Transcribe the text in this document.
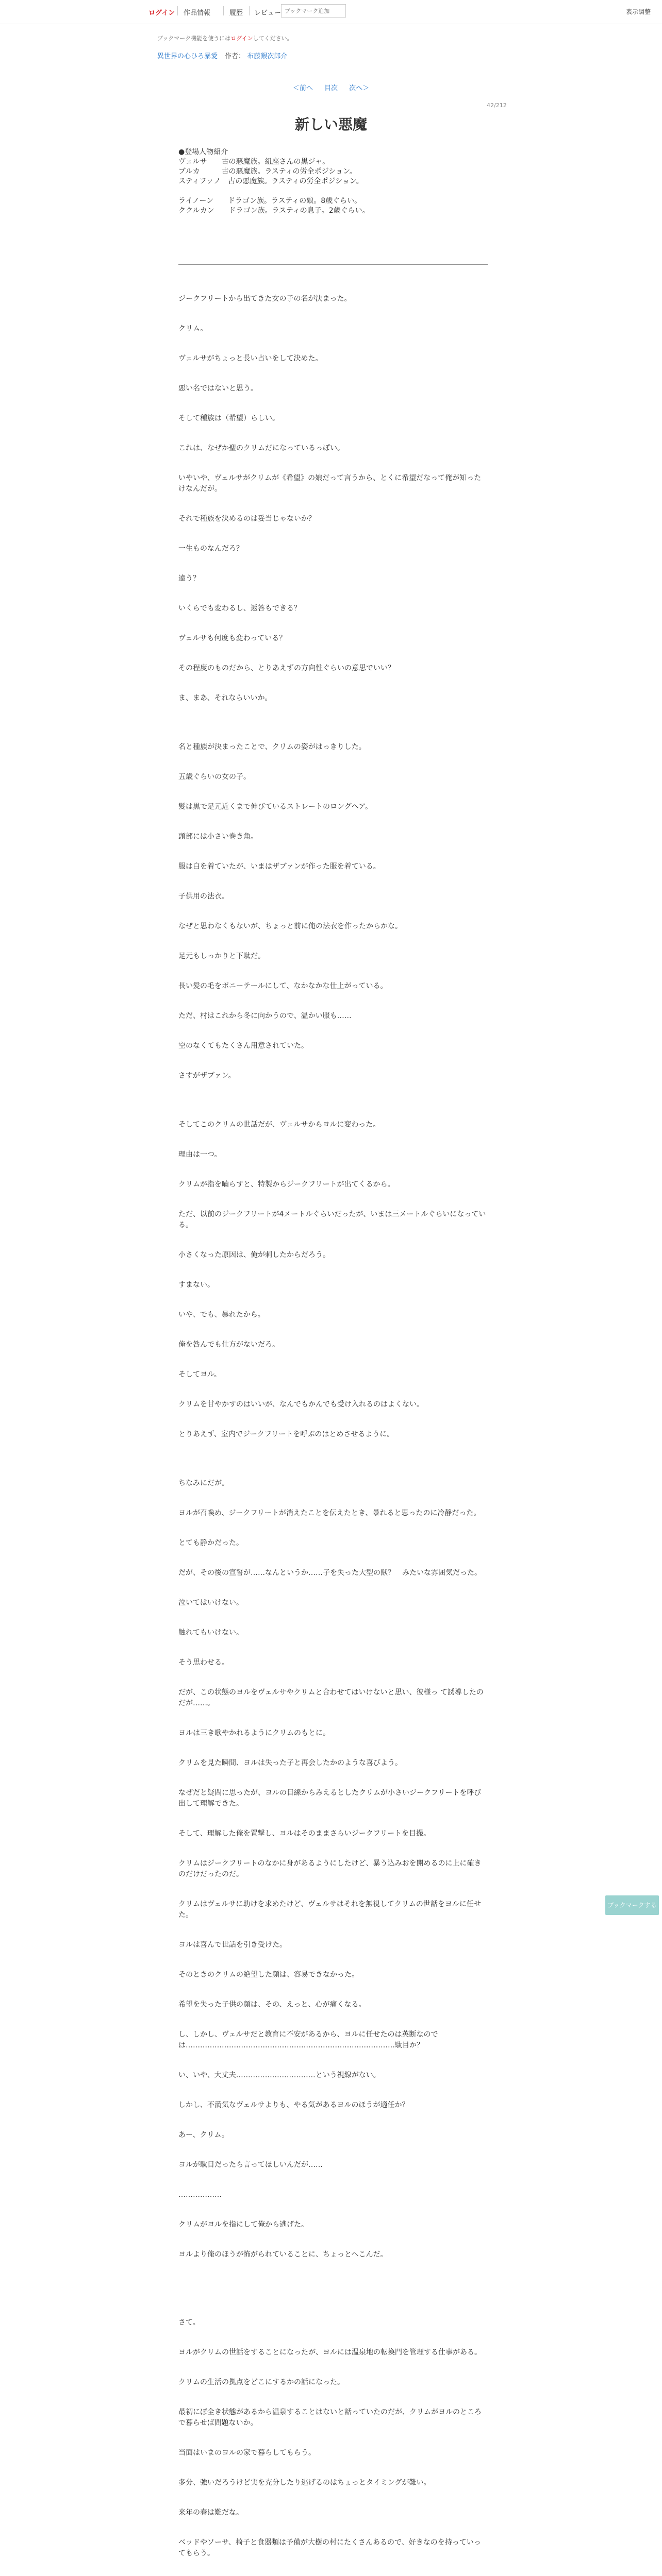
ログイン 作品情報	履歴 レビュー
ブックマーク追加	表示調整
ブックマーク機能を使うにはログインしてください。
異世界の心ひろ暴愛 作者： 布藤銀次郎介
＜前へ 目次 次へ＞
42/212
新しい悪魔
●登場人物紹介
ヴェルサ　　古の悪魔族。紐座さんの黒ジャ。
ブルカ　　　古の悪魔族。ラスティの労全ポジション。
スティファノ　古の悪魔族。ラスティの労全ポジション。
ライノーン　　ドラゴン族。ラスティの娘。8歳ぐらい。
ククルカン　　ドラゴン族。ラスティの息子。2歳ぐらい。
ジークフリートから出てきた女の子の名が決まった。
クリム。
ヴェルサがちょっと長い占いをして決めた。
悪い名ではないと思う。
そして種族は（希望）らしい。
これは、なぜか聖のクリムだになっているっぽい。
いやいや、ヴェルサがクリムが《希望》の娘だって言うから、とくに希望だなって俺が知ったけなんだが。
それで種族を決めるのは妥当じゃないか？
一生ものなんだろ？
違う？
いくらでも変わるし、返答もできる？
ヴェルサも何度も変わっている？
その程度のものだから、とりあえずの方向性ぐらいの意思でいい？
ま、まあ、それならいいか。
名と種族が決まったことで、クリムの姿がはっきりした。
五歳ぐらいの女の子。
髪は黒で足元近くまで伸びているストレートのロングヘア。
頭部には小さい巻き角。
服は白を着ていたが、いまはザブァンが作った服を着ている。
子供用の法衣。
なぜと思わなくもないが、ちょっと前に俺の法衣を作ったからかな。
足元もしっかりと下駄だ。
長い髪の毛をポニーテールにして、なかなかな仕上がっている。
ただ、村はこれから冬に向かうので、温かい服も……
空のなくてもたくさん用意されていた。
さすがザブァン。
そしてこのクリムの世話だが、ヴェルサからヨルに変わった。
理由は一つ。
クリムが指を嚙らすと、特製からジークフリートが出てくるから。
ただ、以前のジークフリートが4メートルぐらいだったが、いまは三メートルぐらいになっている。
小さくなった原因は、俺が刺したからだろう。
すまない。
いや、でも、暴れたから。
俺を咎んでも仕方がないだろ。
そしてヨル。
クリムを甘やかすのはいいが、なんでもかんでも受け入れるのはよくない。
とりあえず、室内でジークフリートを呼ぶのはとめさせるように。
ちなみにだが。
ヨルが召喚め、ジークフリートが消えたことを伝えたとき、暴れると思ったのに冷静だった。
とても静かだった。
だが、その後の宣誓が……なんというか……子を失った大型の獣？　みたいな雰囲気だった。
泣いてはいけない。
触れてもいけない。
そう思わせる。
だが、この状態のヨルをヴェルサやクリムと合わせてはいけないと思い、彼様っ て誘導したのだが……。
ヨルは三き歌やかれるようにクリムのもとに。
クリムを見た瞬間、ヨルは失った子と再会したかのような喜びよう。
なぜだと疑問に思ったが、ヨルの目線からみえるとしたクリムが小さいジークフリートを呼び出して理解できた。
そして、理解した俺を置撃し、ヨルはそのままさらいジークフリートを目撮。
クリムはジークフリートのなかに身があるようにしたけど、暴う込みおを開めるのに上に確きのだけだったのだ。
クリムはヴェルサに助けを求めたけど、ヴェルサはそれを無視してクリムの世話をヨルに任せた。
ヨルは喜んで世話を引き受けた。
そのときのクリムの絶望した顔は、容易できなかった。
希望を失った子供の顔は、その、えっと、心が痛くなる。
し、しかし、ヴェルサだと教育に不安があるから、ヨルに任せたのは英断なのでは……………………………………………………………………………駄目か？
い、いや、大丈夫……………………………という視線がない。
しかし、不満気なヴェルサよりも、やる気があるヨルのほうが適任か？
あー、クリム。
ヨルが駄目だったら言ってほしいんだが……
………………
クリムがヨルを指にして俺から逃げた。
ヨルより俺のほうが怖がられていることに、ちょっとへこんだ。
さて。
ヨルがクリムの世話をすることになったが、ヨルには温泉地の転換門を管理する仕事がある。
クリムの生活の拠点をどこにするかの話になった。
最初にぼ全き状態があるから温泉することはないと話っていたのだが、クリムがヨルのところで暮らせば問題ないか。
当面はいまのヨルの家で暮らしてもらう。
多分、強いだろうけど実を充分したり逃げるのはちょっとタイミングが難い。
来年の春は難だな。
ベッドやソーサ、椅子と食器類は予備が大樹の村にたくさんあるので、好きなのを持っていってもらう。
ブックマークする
